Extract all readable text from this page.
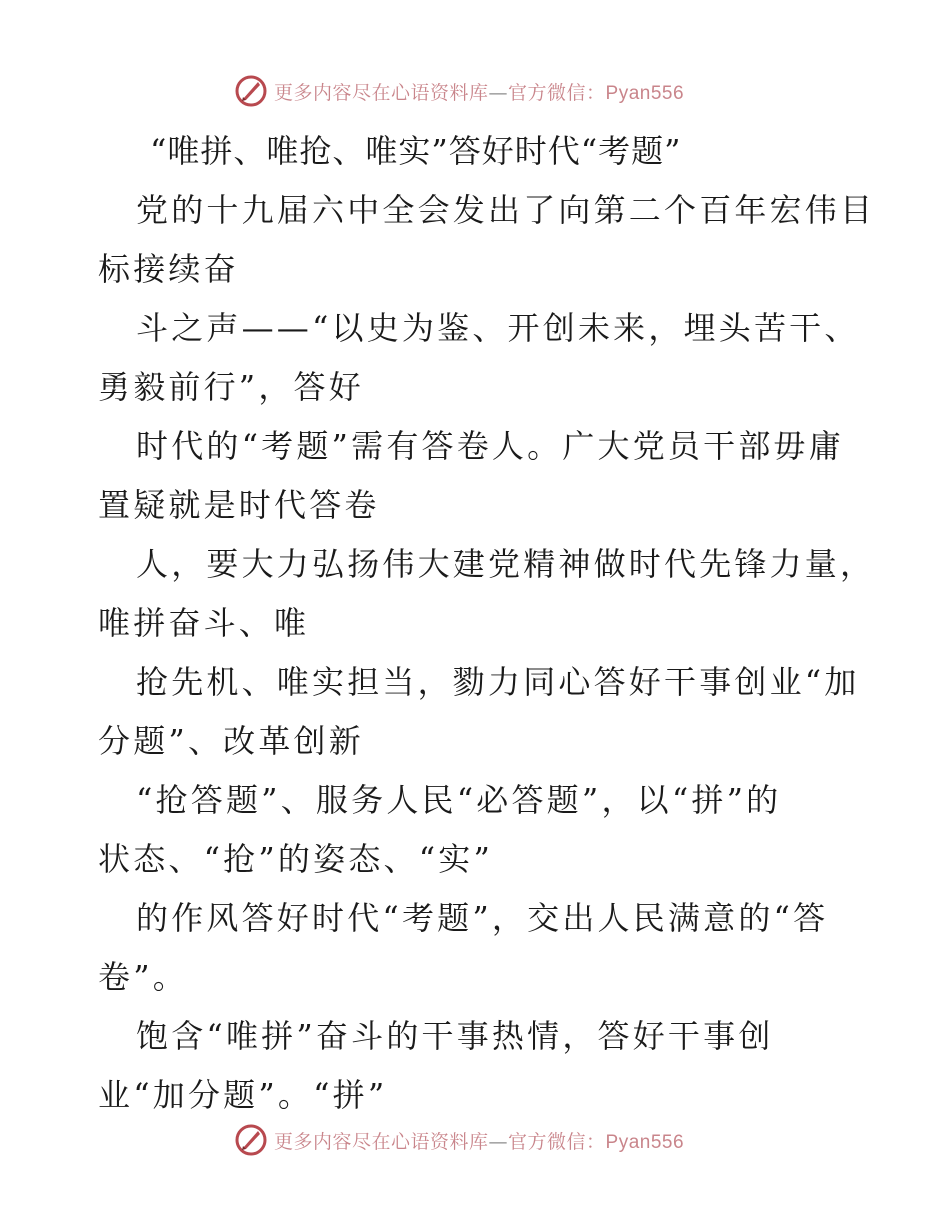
更多内容尽在心语资料库—官方微信：Pyan556
“唯拼、唯抢、唯实”答好时代“考题”
党的十九届六中全会发出了向第二个百年宏伟目
标接续奋
斗之声——“以史为鉴、开创未来，埋头苦干、
勇毅前行”，答好
时代的“考题”需有答卷人。广大党员干部毋庸
置疑就是时代答卷
人，要大力弘扬伟大建党精神做时代先锋力量，
唯拼奋斗、唯
抢先机、唯实担当，勠力同心答好干事创业“加
分题”、改革创新
“抢答题”、服务人民“必答题”，以“拼”的
状态、“抢”的姿态、“实”
的作风答好时代“考题”，交出人民满意的“答
卷”。
饱含“唯拼”奋斗的干事热情，答好干事创
业“加分题”。“拼”
更多内容尽在心语资料库—官方微信：Pyan556
